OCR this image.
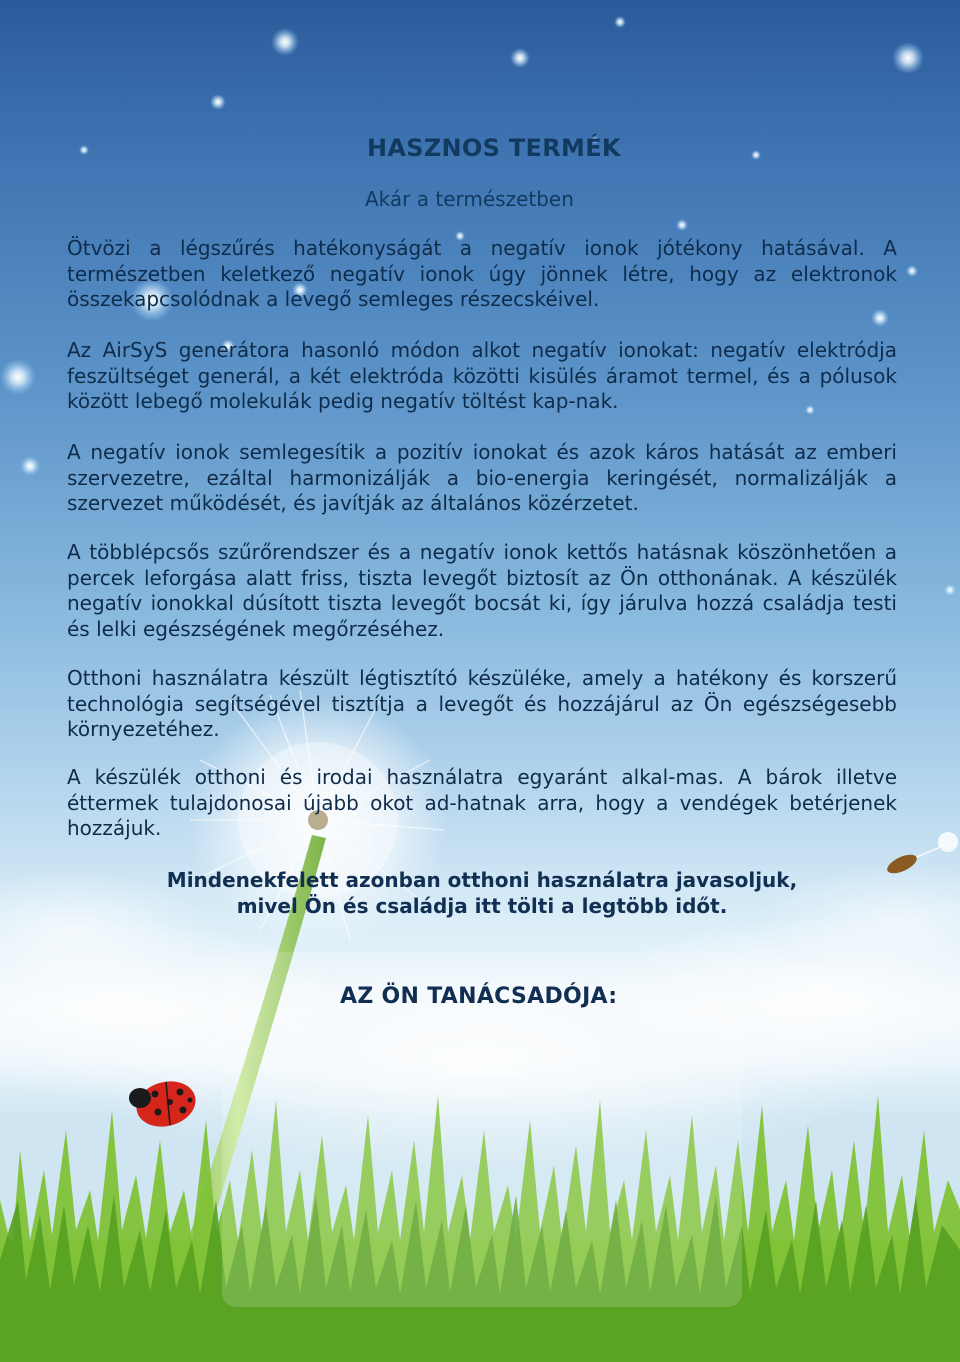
HASZNOS TERMÉK

Akár a természetben

Ötvözi a légszűrés hatékonyságát a negatív ionok jótékony hatásával. A természetben keletkező negatív ionok úgy jönnek létre, hogy az elektronok összekapcsolódnak a levegő semleges részecskéivel.

Az AirSyS generátora hasonló módon alkot negatív ionokat: negatív elektródja feszültséget generál, a két elektróda közötti kisülés áramot termel, és a pólusok között lebegő molekulák pedig negatív töltést kap-nak.

A negatív ionok semlegesítik a pozitív ionokat és azok káros hatását az emberi szervezetre, ezáltal harmonizálják a bio-energia keringését, normalizálják a szervezet működését, és javítják az általános közérzetet.

A többlépcsős szűrőrendszer és a negatív ionok kettős hatásnak köszönhetően a percek leforgása alatt friss, tiszta levegőt biztosít az Ön otthonának. A készülék negatív ionokkal dúsított tiszta levegőt bocsát ki, így járulva hozzá családja testi és lelki egészségének megőrzéséhez.

Otthoni használatra készült légtisztító készüléke, amely a hatékony és korszerű technológia segítségével tisztítja a levegőt és hozzájárul az Ön egészségesebb környezetéhez.

A készülék otthoni és irodai használatra egyaránt alkal-mas. A bárok illetve éttermek tulajdonosai újabb okot ad-hatnak arra, hogy a vendégek betérjenek hozzájuk.

Mindenekfelett azonban otthoni használatra javasoljuk,
mivel Ön és családja itt tölti a legtöbb időt.

AZ ÖN TANÁCSADÓJA:
